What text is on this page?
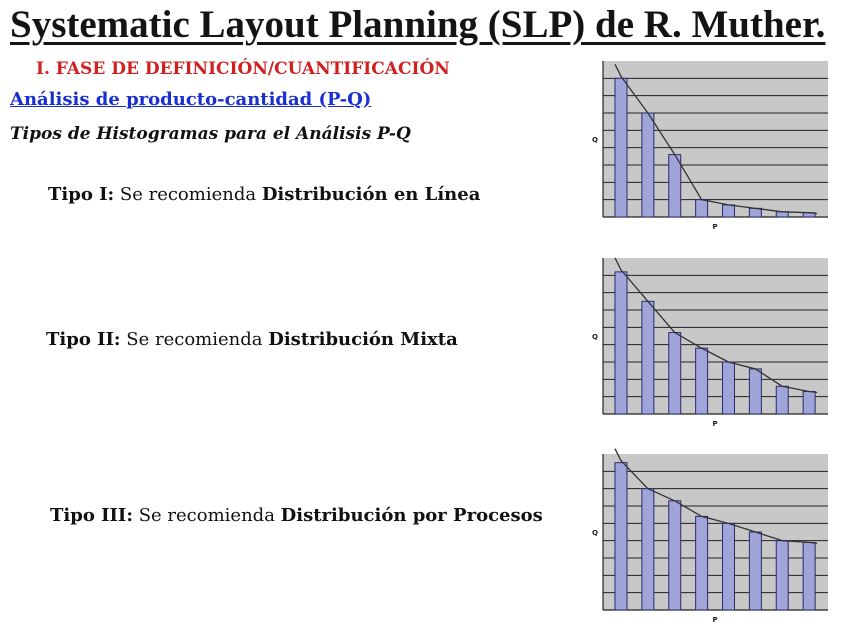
Systematic Layout Planning (SLP) de R. Muther.
I. FASE DE DEFINICIÓN/CUANTIFICACIÓN
Análisis de producto-cantidad (P-Q)
Tipos de Histogramas para el Análisis P-Q
Tipo I: Se recomienda Distribución en Línea
Tipo II: Se recomienda Distribución Mixta
Tipo III: Se recomienda Distribución por Procesos
Q
P
Q
P
Q
P
